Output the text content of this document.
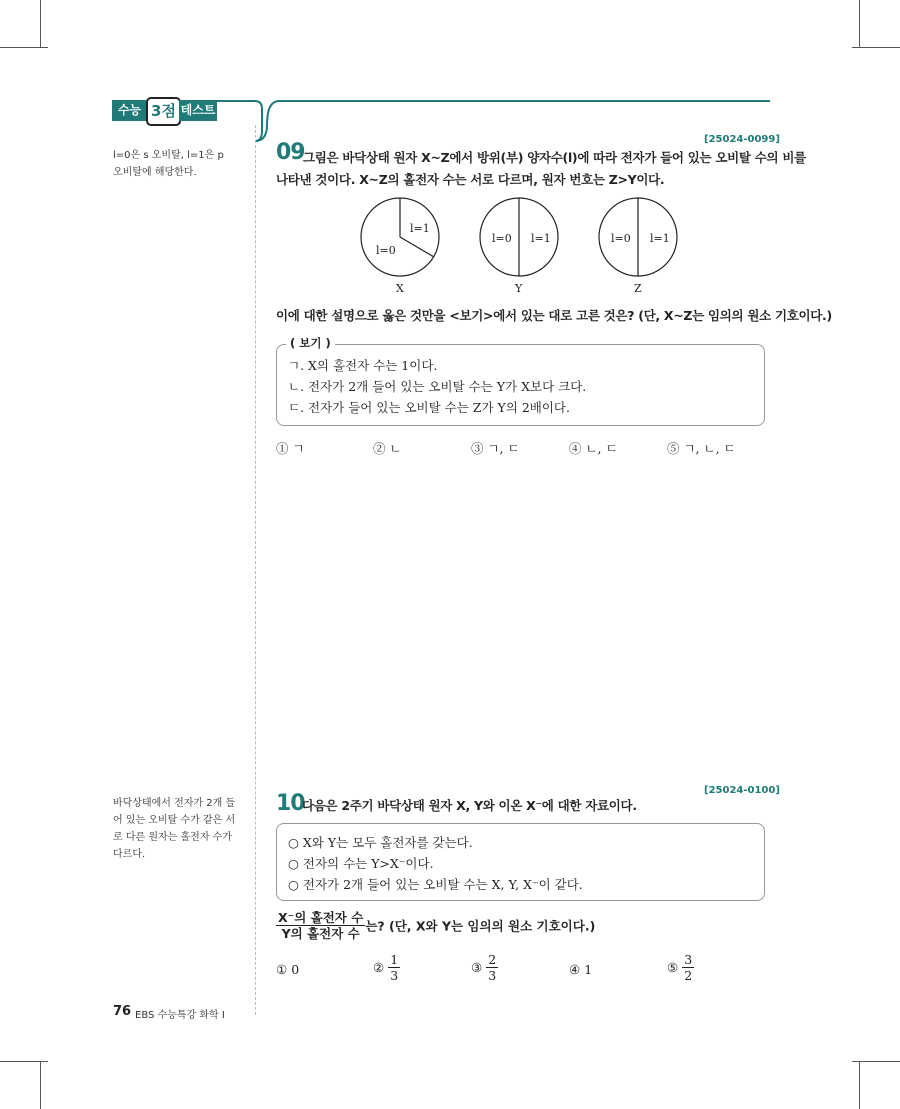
수능 3점 테스트
l=0은 s 오비탈, l=1은 p
오비탈에 해당한다.
바닥상태에서 전자가 2개 들
어 있는 오비탈 수가 같은 서
로 다른 원자는 홀전자 수가
다르다.
[25024-0099]
09
그림은 바닥상태 원자 X~Z에서 방위(부) 양자수(l)에 따라 전자가 들어 있는 오비탈 수의 비를
나타낸 것이다. X~Z의 홀전자 수는 서로 다르며, 원자 번호는 Z>Y이다.
l=1
l=0
l=0 l=1	l=0 l=1
X	Y	Z
이에 대한 설명으로 옳은 것만을 <보기>에서 있는 대로 고른 것은? (단, X~Z는 임의의 원소 기호이다.)
( 보기 )
ㄱ. X의 홀전자 수는 1이다.
ㄴ. 전자가 2개 들어 있는 오비탈 수는 Y가 X보다 크다.
ㄷ. 전자가 들어 있는 오비탈 수는 Z가 Y의 2배이다.
① ㄱ	② ㄴ	③ ㄱ, ㄷ	④ ㄴ, ㄷ	⑤ ㄱ, ㄴ, ㄷ
[25024-0100]
10
다음은 2주기 바닥상태 원자 X, Y와 이온 X⁻에 대한 자료이다.
○ X와 Y는 모두 홀전자를 갖는다.
○ 전자의 수는 Y>X⁻이다.
○ 전자가 2개 들어 있는 오비탈 수는 X, Y, X⁻이 같다.
$\frac{\text{X⁻의 홀전자 수}}{\text{Y의 홀전자 수}}$ 는? (단, X와 Y는 임의의 원소 기호이다.)
① 0	② $\frac{1}{3}$	③ $\frac{2}{3}$	④ 1	⑤ $\frac{3}{2}$
76 EBS 수능특강 화학 Ⅰ
